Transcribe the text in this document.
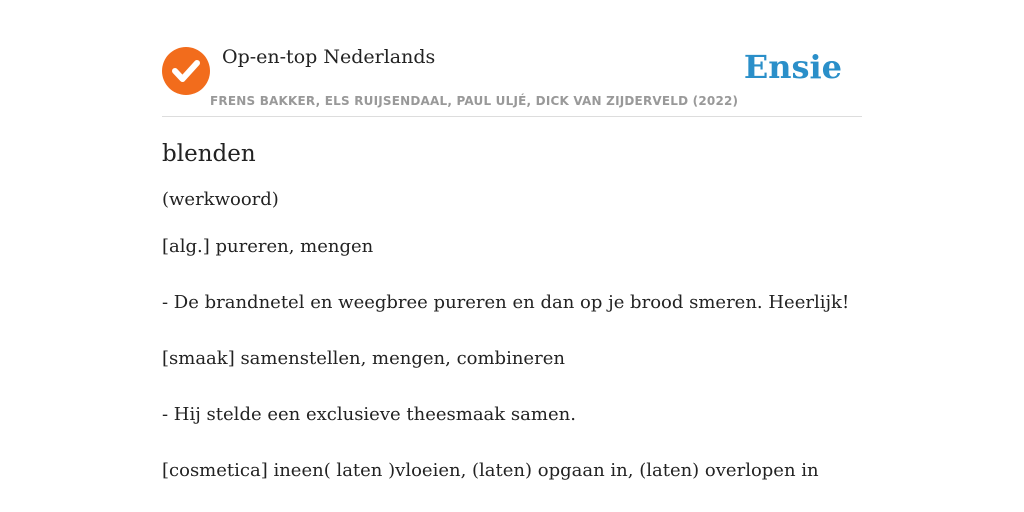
Op-en-top Nederlands
FRENS BAKKER, ELS RUIJSENDAAL, PAUL ULJÉ, DICK VAN ZIJDERVELD (2022)
Ensie
blenden
(werkwoord)
[alg.] pureren, mengen
- De brandnetel en weegbree pureren en dan op je brood smeren. Heerlijk!
[smaak] samenstellen, mengen, combineren
- Hij stelde een exclusieve theesmaak samen.
[cosmetica] ineen( laten )vloeien, (laten) opgaan in, (laten) overlopen in
